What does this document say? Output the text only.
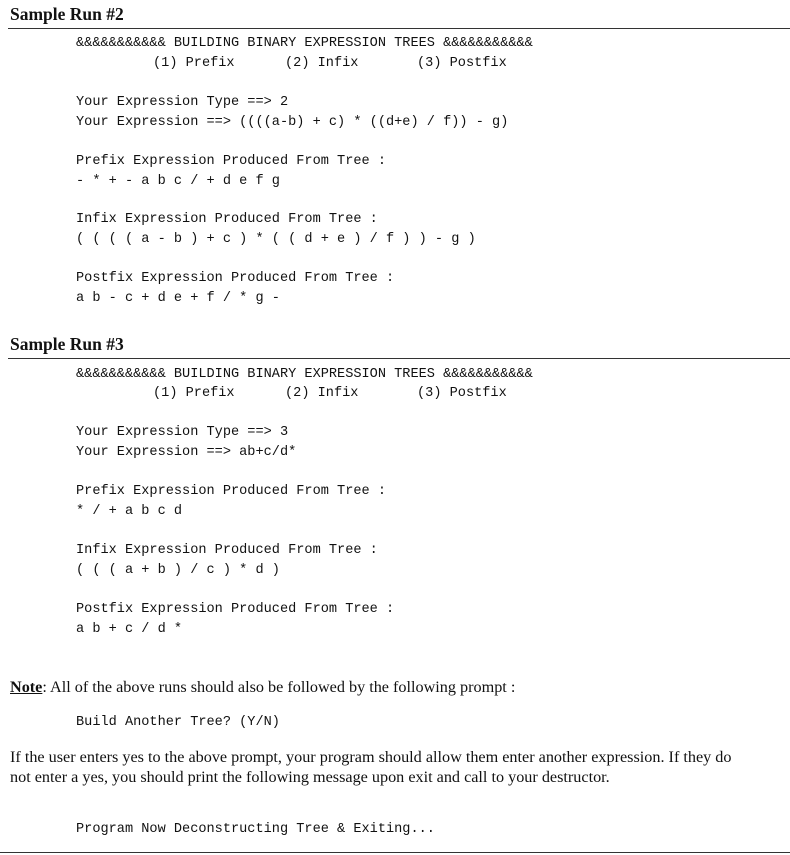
Sample Run #2
&&&&&&&&&&& BUILDING BINARY EXPRESSION TREES &&&&&&&&&&&
(1) Prefix	(2) Infix	(3) Postfix
Your Expression Type ==> 2
Your Expression ==> ((((a-b) + c) * ((d+e) / f)) - g)
Prefix Expression Produced From Tree :
- * + - a b c / + d e f g
Infix Expression Produced From Tree :
( ( ( ( a - b ) + c ) * ( ( d + e ) / f ) ) - g )
Postfix Expression Produced From Tree :
a b - c + d e + f / * g -
Sample Run #3
&&&&&&&&&&& BUILDING BINARY EXPRESSION TREES &&&&&&&&&&&
(1) Prefix	(2) Infix	(3) Postfix
Your Expression Type ==> 3
Your Expression ==> ab+c/d*
Prefix Expression Produced From Tree :
* / + a b c d
Infix Expression Produced From Tree :
( ( ( a + b ) / c ) * d )
Postfix Expression Produced From Tree :
a b + c / d *
Note: All of the above runs should also be followed by the following prompt :
Build Another Tree? (Y/N)
If the user enters yes to the above prompt, your program should allow them enter another expression. If they do not enter a yes, you should print the following message upon exit and call to your destructor.
Program Now Deconstructing Tree & Exiting...
